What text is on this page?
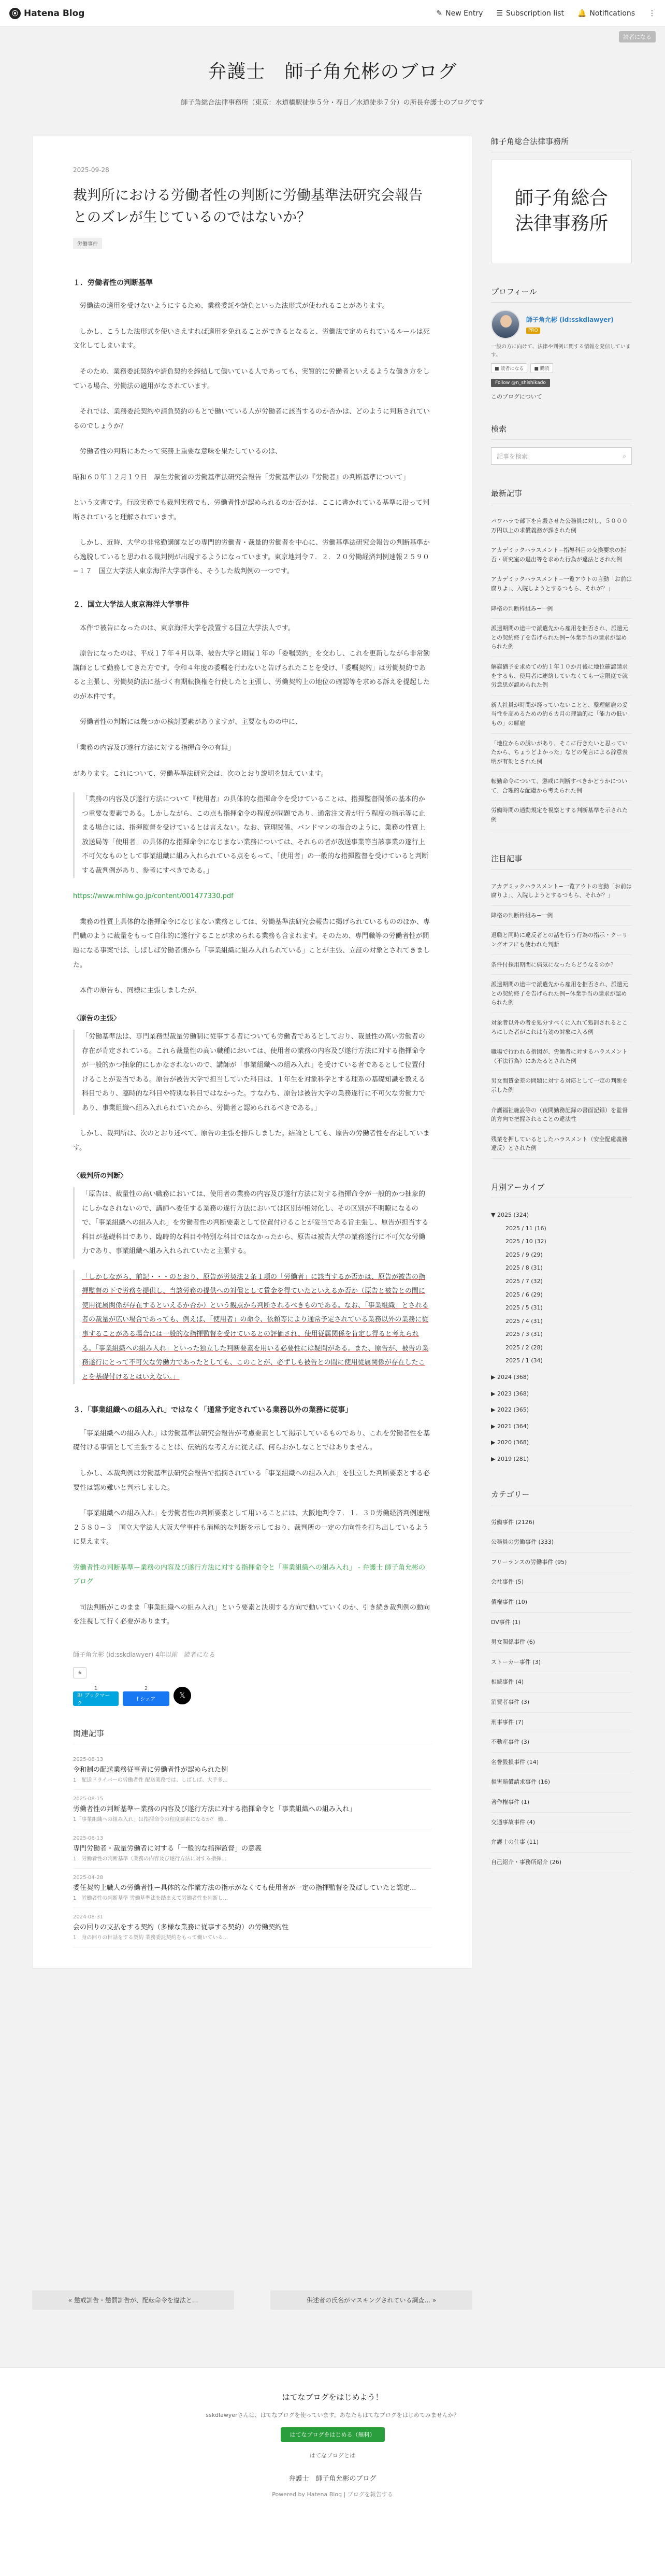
⦿ Hatena Blog	✎ New Entry ☰ Subscription list 🔔 Notifications ⋮
読者になる
弁護士　師子角允彬のブログ
師子角総合法律事務所（東京：水道橋駅徒歩５分・春日／水道徒歩７分）の所長弁護士のブログです
2025-09-28
裁判所における労働者性の判断に労働基準法研究会報告とのズレが生じているのではないか？
労働事件
１．労働者性の判断基準

労働法の適用を受けないようにするため、業務委託や請負といった法形式が使われることがあります。

しかし、こうした法形式を使いさえすれば適用を免れることができるとなると、労働法で定められているルールは死文化してしまいます。

そのため、業務委託契約や請負契約を締結して働いている人であっても、実質的に労働者といえるような働き方をしている場合、労働法の適用がなされています。

それでは、業務委託契約や請負契約のもとで働いている人が労働者に該当するのか否かは、どのように判断されているのでしょうか？

労働者性の判断にあたって実務上重要な意味を果たしているのは、

昭和６０年１２月１９日　厚生労働省の労働基準法研究会報告「労働基準法の『労働者』の判断基準について」

という文書です。行政実務でも裁判実務でも、労働者性が認められるのか否かは、ここに書かれている基準に沿って判断されていると理解されています。

しかし、近時、大学の非常勤講師などの専門的労働者・裁量的労働者を中心に、労働基準法研究会報告の判断基準から逸脱していると思われる裁判例が出現するようになっています。東京地判令７．２．２０労働経済判例速報２５９０−１７　国立大学法人東京海洋大学事件も、そうした裁判例の一つです。

２．国立大学法人東京海洋大学事件

本件で被告になったのは、東京海洋大学を設置する国立大学法人です。

原告になったのは、平成１７年４月以降、被告大学と期間１年の「委嘱契約」を交わし、これを更新しながら非常勤講師として勤務してきた方です。令和４年度の委嘱を行わないと告げられたことを受け、「委嘱契約」は労働契約であると主張し、労働契約法に基づく有期転換権を行使したと主張し、労働契約上の地位の確認等を求める訴えを提起したのが本件です。

労働者性の判断には幾つかの検討要素がありますが、主要なものの中に、

「業務の内容及び遂行方法に対する指揮命令の有無」

があります。これについて、労働基準法研究会は、次のとおり説明を加えています。

「業務の内容及び遂行方法について『使用者』の具体的な指揮命令を受けていることは、指揮監督関係の基本的かつ重要な要素である。しかしながら、この点も指揮命令の程度が問題であり、通常注文者が行う程度の指示等に止まる場合には、指揮監督を受けているとは言えない。なお、管理関係、バンドマンの場合のように、業務の性質上放送局等「使用者」の具体的な指揮命令になじまない業務については、それらの者が放送事業等当該事業の遂行上不可欠なものとして事業組織に組み入れられている点をもって、「使用者」の一般的な指揮監督を受けていると判断する裁判例があり、参考にすべきである。」

https://www.mhlw.go.jp/content/001477330.pdf

業務の性質上具体的な指揮命令になじまない業務としては、労働基準法研究会報告に掲げられているもののほか、専門職のように裁量をもって自律的に遂行することが求められる業務も含まれます。そのため、専門職等の労働者性が問題になる事案では、しばしば労働者側から「事業組織に組み入れられている」ことが主張、立証の対象とされてきました。

本件の原告も、同様に主張しましたが、

〈原告の主張〉

「労働基準法は、専門業務型裁量労働制に従事する者についても労働者であるとしており、裁量性の高い労働者の存在が肯定されている。これら裁量性の高い職種においては、使用者の業務の内容及び遂行方法に対する指揮命令が一般的かつ抽象的にしかなされないので、講師が「事業組織への組み入れ」を受けている者であるとして位置付けることが妥当である。原告が被告大学で担当していた科目は、１年生を対象科学とする理系の基礎知識を教える科目であり、臨時的な科目や特別な科目ではなかった。すなわち、原告は被告大学の業務遂行に不可欠な労働力であり、事業組織へ組み入れられていたから、労働者と認められるべきである。」

しかし、裁判所は、次のとおり述べて、原告の主張を排斥しました。結論としても、原告の労働者性を否定しています。

〈裁判所の判断〉

「原告は、裁量性の高い職務においては、使用者の業務の内容及び遂行方法に対する指揮命令が一般的かつ抽象的にしかなされないので、講師へ委任する業務の遂行方法においては区別が相対化し、その区別が不明瞭になるので、「事業組織への組み入れ」を労働者性の判断要素として位置付けることが妥当である旨主張し、原告が担当する科目が基礎科目であり、臨時的な科目や特別な科目ではなかったから、原告は被告大学の業務遂行に不可欠な労働力であり、事業組織へ組み入れられていたと主張する。

「しかしながら、前記・・・のとおり、原告が労契法２条１項の「労働者」に該当するか否かは、原告が被告の指揮監督の下で労務を提供し、当該労務の提供への対償として賃金を得ていたといえるか否か（原告と被告との間に使用従属関係が存在するといえるか否か）という観点から判断されるべきものである。なお、「事業組織」とされる者の裁量が広い場合であっても、例えば、「使用者」の命令、依頼等により通常予定されている業務以外の業務に従事することがある場合には一般的な指揮監督を受けているとの評価され、使用従属関係を肯定し得ると考えられる。「事業組織への組み入れ」といった独立した判断要素を用いる必要性には疑問がある。また、原告が、被告の業務遂行にとって不可欠な労働力であったとしても、このことが、必ずしも被告との間に使用従属関係が存在したことを基礎付けるとはいえない。」

３．「事業組織への組み入れ」ではなく「通常予定されている業務以外の業務に従事」

「事業組織への組み入れ」は労働基準法研究会報告が考慮要素として掲示しているものであり、これを労働者性を基礎付ける事情として主張することは、伝統的な考え方に従えば、何らおかしなことではありません。

しかし、本裁判例は労働基準法研究会報告で指摘されている「事業組織への組み入れ」を独立した判断要素とする必要性は認め難いと判示しました。

「事業組織への組み入れ」を労働者性の判断要素として用いることには、大阪地判令７．１．３０労働経済判例速報２５８０−３　国立大学法人大阪大学事件も消極的な判断を示しており、裁判所の一定の方向性を打ち出しているように見えます。

労働者性の判断基準ー業務の内容及び遂行方法に対する指揮命令と「事業組織への組み入れ」 - 弁護士 師子角允彬のブログ

司法判断がこのまま「事業組織への組み入れ」という要素と決別する方向で動いていくのか、引き続き裁判例の動向を注視して行く必要があります。

師子角允彬 (id:sskdlawyer) 4年以前　読者になる
★
1
B! ブックマーク
2
f シェア	𝕏
関連記事
2025-08-13
令和制の配送業務従事者に労働者性が認められた例
1　配送ドライバーの労働者性 配送業務では、しばしば、大手多...
2025-08-15
労働者性の判断基準ー業務の内容及び遂行方法に対する指揮命令と「事業組織への組み入れ」
1「事業組織への組み入れ」は指揮命令の程度要素になるか？ 働...
2025-06-13
専門労働者・裁量労働者に対する「一般的な指揮監督」の意義
1　労働者性の判断基準（業務の内容及び遂行方法に対する指揮...
2025-04-28
委任契約上職人の労働者性ー具体的な作業方法の指示がなくても使用者が一定の指揮監督を及ぼしていたと認定...
1　労働者性の判断基準 労働基準法を踏まえて労働者性を判断し...
2024-08-31
会の回りの支払をする契約（多様な業務に従事する契約）の労働契約性
1　身の回りの世話をする契約 業務委託契約をもって働いている...
師子角総合法律事務所
師子角総合
法律事務所
プロフィール
師子角允彬 (id:sskdlawyer)
PRO
一般の方に向けて、法律や判例に関する情報を発信しています。
■ 読者になる	■ 購読
Follow @n_shishikado
このブログについて
検索
記事を検索	⌕
最新記事
パワハラで部下を自殺させた公務員に対し、５０００万円以上の求償義務が課された例
アカデミックハラスメント−指導科目の交換要求の拒否・研究室の退出等を求めた行為が違法とされた例
アカデミックハラスメント−一覧アウトの言動「お前は腐りよ」、入院しようとするつもら、それが？」
降格の判断枠組み−一例
派遣期間の途中で派遣先から雇用を拒否され、派遣元との契約終了を告げられた例−休業手当の請求が認められた例
解雇猶予を求めての約１年１０か月後に地位確認請求をするも、使用者に連絡していなくても一定限度で就労意思が認められた例
新人社員が時間が経っていないことと、整理解雇の妥当性を高めるための約６カ月の理論的に「能力の低いもの」の解雇
「地位からの誘いがあり、そこに行きたいと思っていたから、ちょうどよかった」などの発言による辞意表明が有効とされた例
転勤命令について、懲戒に判断すべきかどうかについて、合理的な配慮から考えられた例
労働時間の通勤規定を視察とする判断基準を示された例
注目記事
アカデミックハラスメント−一覧アウトの言動「お前は腐りよ」、入院しようとするつもら、それが？」
降格の判断枠組み−一例
退職と同時に違反者との話を行う行為の指示・クーリングオフにも使われた判断
条件付採用期間に病気になったらどうなるのか？
派遣期間の途中で派遣先から雇用を拒否され、派遣元との契約終了を告げられた例−休業手当の請求が認められた例
対象者以外の者を処分すべくに入れて処罰されるところにした者がこれは有効の対象に入る例
職場で行われる指図が、労働者に対するハラスメント（不法行為）にあたるとされた例
男女間賃金差の問題に対する対応として一定の判断を示した例
介護福祉施設等の（夜間勤務記録の書面記録）を監督的方向で把握されることの違法性
残業を押しているとしたハラスメント（安全配慮義務違反）とされた例
月別アーカイブ
▼ 2025 (324)
2025 / 11 (16)
2025 / 10 (32)
2025 / 9 (29)
2025 / 8 (31)
2025 / 7 (32)
2025 / 6 (29)
2025 / 5 (31)
2025 / 4 (31)
2025 / 3 (31)
2025 / 2 (28)
2025 / 1 (34)
▶ 2024 (368)
▶ 2023 (368)
▶ 2022 (365)
▶ 2021 (364)
▶ 2020 (368)
▶ 2019 (281)
カテゴリー
労働事件 (2126)
公務員の労働事件 (333)
フリーランスの労働事件 (95)
会社事件 (5)
債権事件 (10)
DV事件 (1)
男女関係事件 (6)
ストーカー事件 (3)
相続事件 (4)
消費者事件 (3)
刑事事件 (7)
不動産事件 (3)
名誉毀損事件 (14)
損害賠償請求事件 (16)
著作権事件 (1)
交通事故事件 (4)
弁護士の仕事 (11)
自己紹介・事務所紹介 (26)
« 懲戒訓告・懲罰訓告が、配転命令を違法と...	供述者の氏名がマスキングされている調査... »
はてなブログをはじめよう！
sskdlawyerさんは、はてなブログを使っています。あなたもはてなブログをはじめてみませんか？
はてなブログをはじめる（無料）
はてなブログとは
弁護士　師子角允彬のブログ
Powered by Hatena Blog | ブログを報告する
